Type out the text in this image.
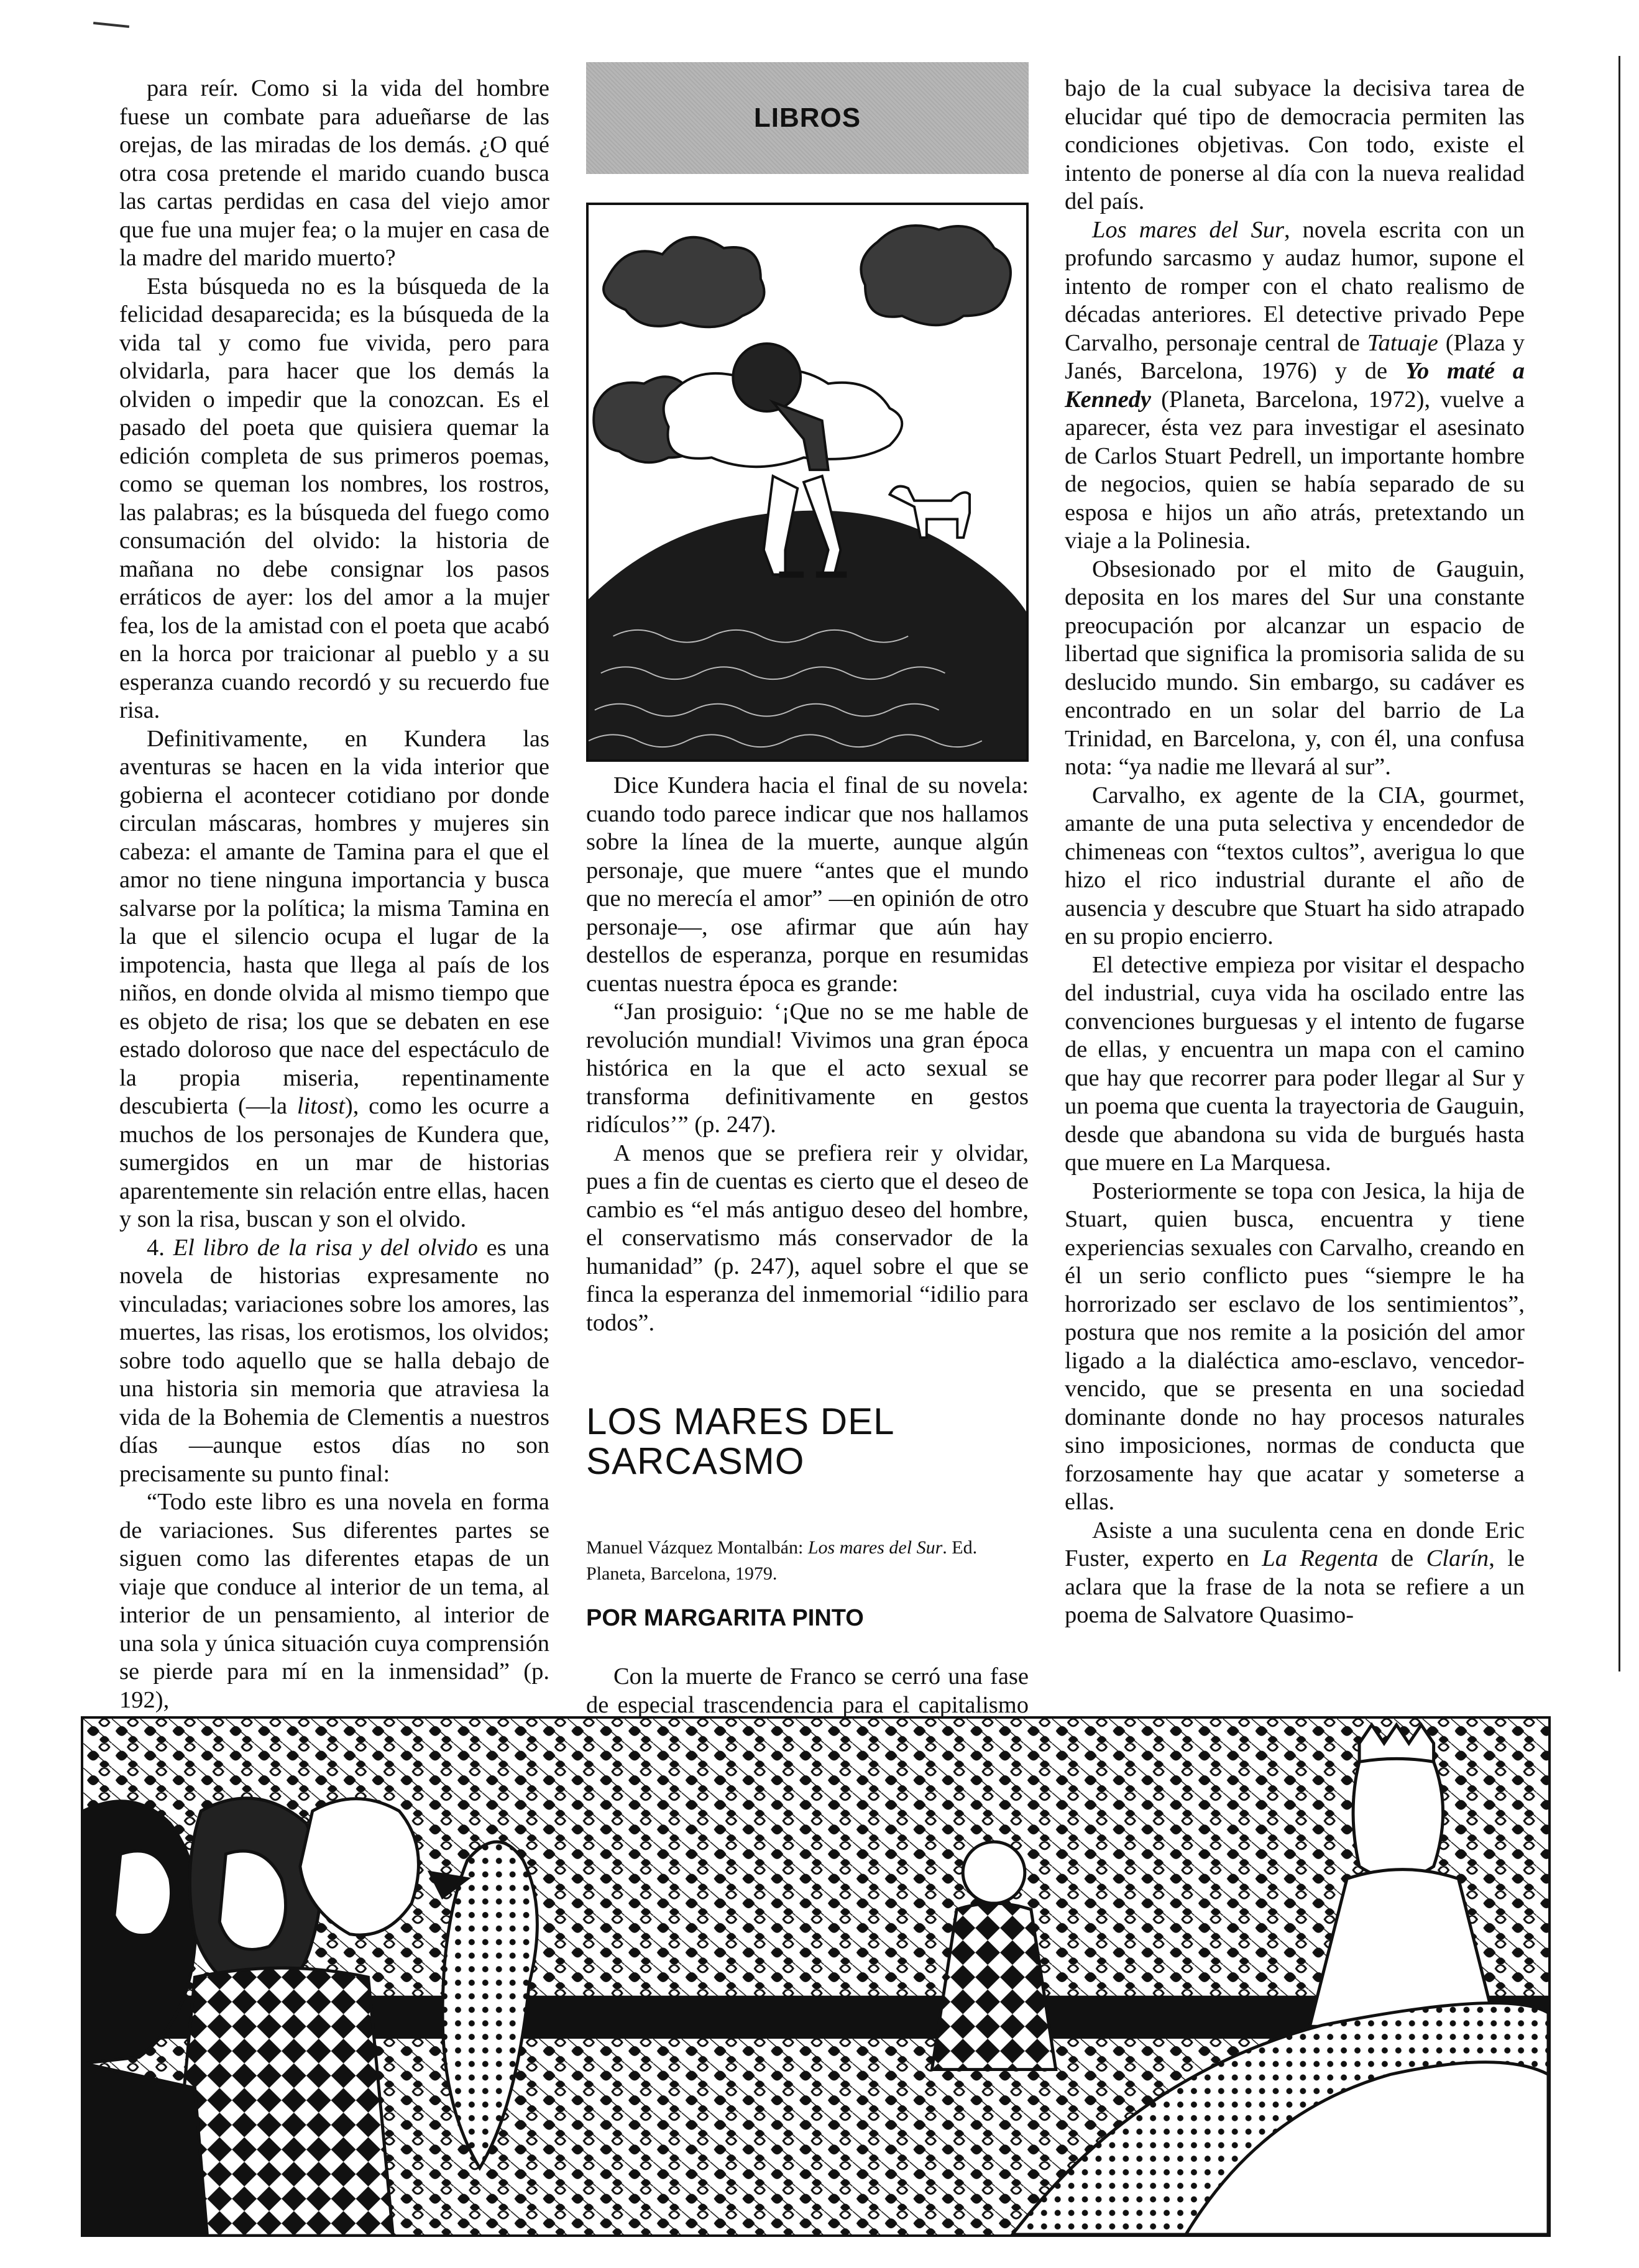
para reír. Como si la vida del hombre fuese un combate para adueñarse de las orejas, de las miradas de los demás. ¿O qué otra cosa pretende el marido cuando busca las cartas perdidas en casa del viejo amor que fue una mujer fea; o la mujer en casa de la madre del marido muerto?

Esta búsqueda no es la búsqueda de la felicidad desaparecida; es la búsqueda de la vida tal y como fue vivida, pero para olvidarla, para hacer que los demás la olviden o impedir que la conozcan. Es el pasado del poeta que quisiera quemar la edición completa de sus primeros poemas, como se queman los nombres, los rostros, las palabras; es la búsqueda del fuego como consumación del olvido: la historia de mañana no debe consignar los pasos erráticos de ayer: los del amor a la mujer fea, los de la amistad con el poeta que acabó en la horca por traicionar al pueblo y a su esperanza cuando recordó y su recuerdo fue risa.

Definitivamente, en Kundera las aventuras se hacen en la vida interior que gobierna el acontecer cotidiano por donde circulan máscaras, hombres y mujeres sin cabeza: el amante de Tamina para el que el amor no tiene ninguna importancia y busca salvarse por la política; la misma Tamina en la que el silencio ocupa el lugar de la impotencia, hasta que llega al país de los niños, en donde olvida al mismo tiempo que es objeto de risa; los que se debaten en ese estado doloroso que nace del espectáculo de la propia miseria, repentinamente descubierta (—la litost), como les ocurre a muchos de los personajes de Kundera que, sumergidos en un mar de historias aparentemente sin relación entre ellas, hacen y son la risa, buscan y son el olvido.

4. El libro de la risa y del olvido es una novela de historias expresamente no vinculadas; variaciones sobre los amores, las muertes, las risas, los erotismos, los olvidos; sobre todo aquello que se halla debajo de una historia sin memoria que atraviesa la vida de la Bohemia de Clementis a nuestros días —aunque estos días no son precisamente su punto final:

“Todo este libro es una novela en forma de variaciones. Sus diferentes partes se siguen como las diferentes etapas de un viaje que conduce al interior de un tema, al interior de un pensamiento, al interior de una sola y única situación cuya comprensión se pierde para mí en la inmensidad” (p. 192),

LIBROS

Dice Kundera hacia el final de su novela: cuando todo parece indicar que nos hallamos sobre la línea de la muerte, aunque algún personaje, que muere “antes que el mundo que no merecía el amor” —en opinión de otro personaje—, ose afirmar que aún hay destellos de esperanza, porque en resumidas cuentas nuestra época es grande:

“Jan prosiguio: ‘¡Que no se me hable de revolución mundial! Vivimos una gran época histórica en la que el acto sexual se transforma definitivamente en gestos ridículos’” (p. 247).

A menos que se prefiera reir y olvidar, pues a fin de cuentas es cierto que el deseo de cambio es “el más antiguo deseo del hombre, el conservatismo más conservador de la humanidad” (p. 247), aquel sobre el que se finca la esperanza del inmemorial “idilio para todos”.

LOS MARES DEL SARCASMO

Manuel Vázquez Montalbán: Los mares del Sur. Ed. Planeta, Barcelona, 1979.

POR MARGARITA PINTO

Con la muerte de Franco se cerró una fase de especial trascendencia para el capitalismo

bajo de la cual subyace la decisiva tarea de elucidar qué tipo de democracia permiten las condiciones objetivas. Con todo, existe el intento de ponerse al día con la nueva realidad del país.

Los mares del Sur, novela escrita con un profundo sarcasmo y audaz humor, supone el intento de romper con el chato realismo de décadas anteriores. El detective privado Pepe Carvalho, personaje central de Tatuaje (Plaza y Janés, Barcelona, 1976) y de Yo maté a Kennedy (Planeta, Barcelona, 1972), vuelve a aparecer, ésta vez para investigar el asesinato de Carlos Stuart Pedrell, un importante hombre de negocios, quien se había separado de su esposa e hijos un año atrás, pretextando un viaje a la Polinesia.

Obsesionado por el mito de Gauguin, deposita en los mares del Sur una constante preocupación por alcanzar un espacio de libertad que significa la promisoria salida de su deslucido mundo. Sin embargo, su cadáver es encontrado en un solar del barrio de La Trinidad, en Barcelona, y, con él, una confusa nota: “ya nadie me llevará al sur”.

Carvalho, ex agente de la CIA, gourmet, amante de una puta selectiva y encendedor de chimeneas con “textos cultos”, averigua lo que hizo el rico industrial durante el año de ausencia y descubre que Stuart ha sido atrapado en su propio encierro.

El detective empieza por visitar el despacho del industrial, cuya vida ha oscilado entre las convenciones burguesas y el intento de fugarse de ellas, y encuentra un mapa con el camino que hay que recorrer para poder llegar al Sur y un poema que cuenta la trayectoria de Gauguin, desde que abandona su vida de burgués hasta que muere en La Marquesa.

Posteriormente se topa con Jesica, la hija de Stuart, quien busca, encuentra y tiene experiencias sexuales con Carvalho, creando en él un serio conflicto pues “siempre le ha horrorizado ser esclavo de los sentimientos”, postura que nos remite a la posición del amor ligado a la dialéctica amo-esclavo, vencedor-vencido, que se presenta en una sociedad dominante donde no hay procesos naturales sino imposiciones, normas de conducta que forzosamente hay que acatar y someterse a ellas.

Asiste a una suculenta cena en donde Eric Fuster, experto en La Regenta de Clarín, le aclara que la frase de la nota se refiere a un poema de Salvatore Quasimo-
